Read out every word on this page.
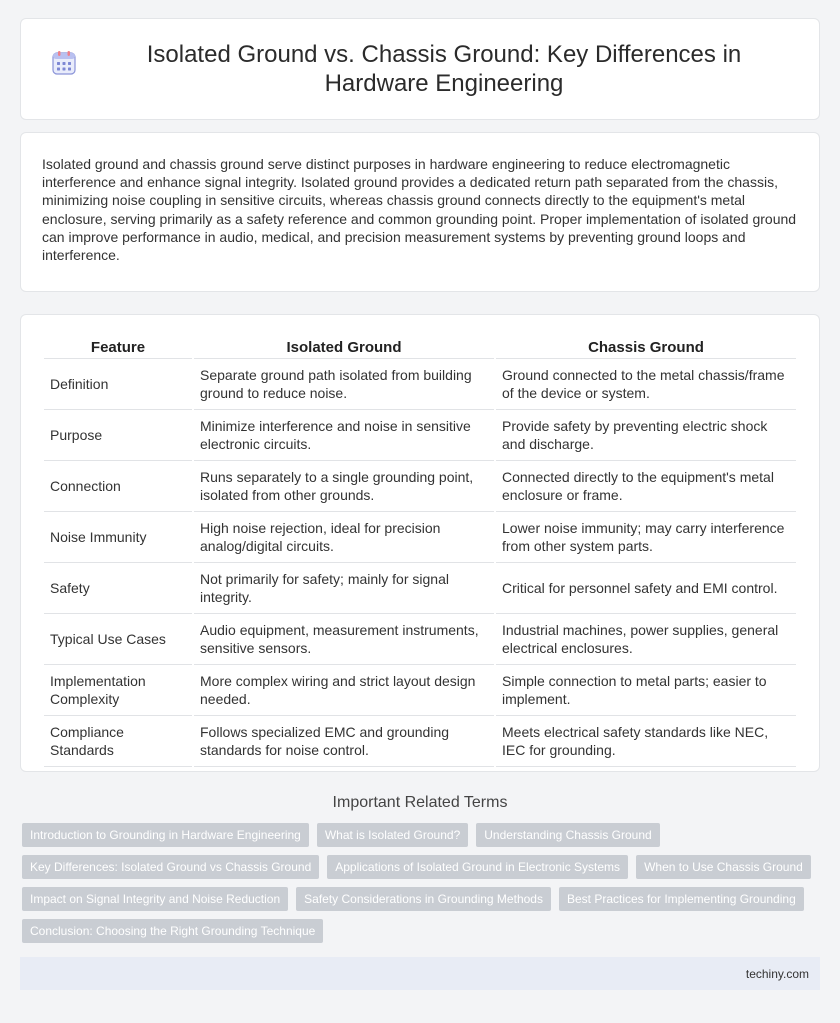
Isolated Ground vs. Chassis Ground: Key Differences in Hardware Engineering

Isolated ground and chassis ground serve distinct purposes in hardware engineering to reduce electromagnetic interference and enhance signal integrity. Isolated ground provides a dedicated return path separated from the chassis, minimizing noise coupling in sensitive circuits, whereas chassis ground connects directly to the equipment's metal enclosure, serving primarily as a safety reference and common grounding point. Proper implementation of isolated ground can improve performance in audio, medical, and precision measurement systems by preventing ground loops and interference.

Feature	Isolated Ground	Chassis Ground
Definition	Separate ground path isolated from building ground to reduce noise.	Ground connected to the metal chassis/frame of the device or system.
Purpose	Minimize interference and noise in sensitive electronic circuits.	Provide safety by preventing electric shock and discharge.
Connection	Runs separately to a single grounding point, isolated from other grounds.	Connected directly to the equipment's metal enclosure or frame.
Noise Immunity	High noise rejection, ideal for precision analog/digital circuits.	Lower noise immunity; may carry interference from other system parts.
Safety	Not primarily for safety; mainly for signal integrity.	Critical for personnel safety and EMI control.
Typical Use Cases	Audio equipment, measurement instruments, sensitive sensors.	Industrial machines, power supplies, general electrical enclosures.
Implementation Complexity	More complex wiring and strict layout design needed.	Simple connection to metal parts; easier to implement.
Compliance Standards	Follows specialized EMC and grounding standards for noise control.	Meets electrical safety standards like NEC, IEC for grounding.
Important Related Terms
Introduction to Grounding in Hardware Engineering	What is Isolated Ground?	Understanding Chassis Ground
Key Differences: Isolated Ground vs Chassis Ground	Applications of Isolated Ground in Electronic Systems	When to Use Chassis Ground
Impact on Signal Integrity and Noise Reduction	Safety Considerations in Grounding Methods	Best Practices for Implementing Grounding
Conclusion: Choosing the Right Grounding Technique
techiny.com
